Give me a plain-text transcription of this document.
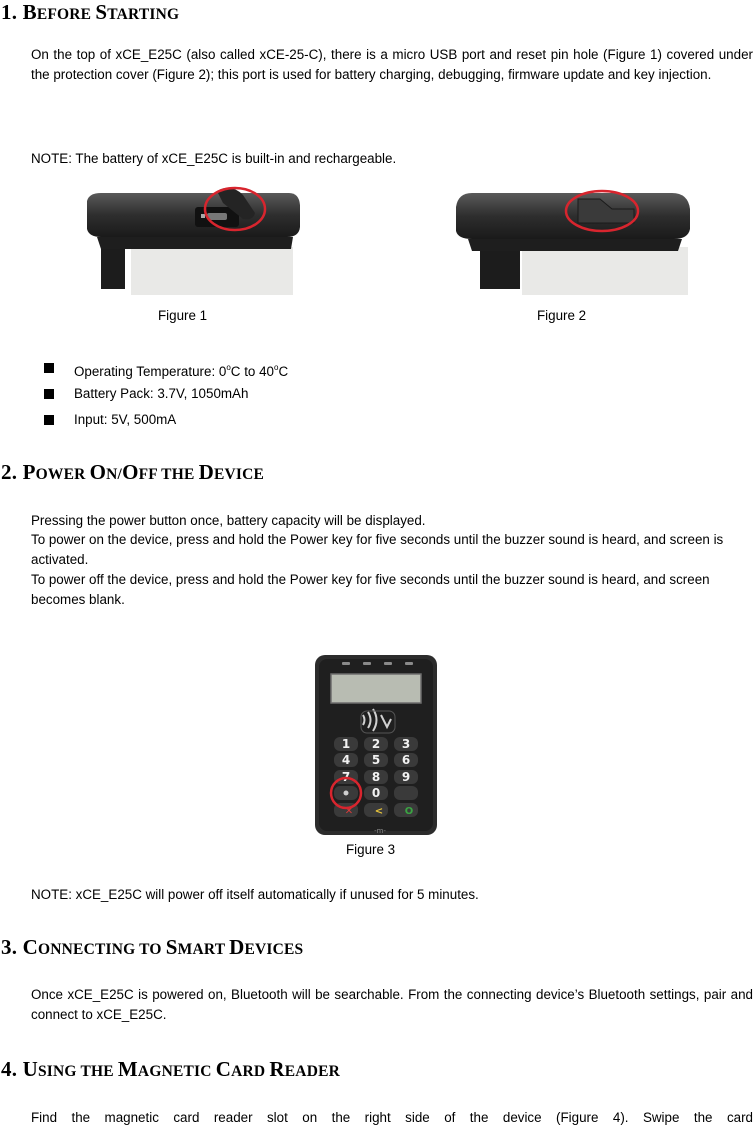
1. BEFORE STARTING

On the top of xCE_E25C (also called xCE-25-C), there is a micro USB port and reset pin hole (Figure 1) covered under the protection cover (Figure 2); this port is used for battery charging, debugging, firmware update and key injection.

NOTE: The battery of xCE_E25C is built-in and rechargeable.

Figure 1	Figure 2
Operating Temperature: 0$^o$C to 40$^o$C
Battery Pack: 3.7V, 1050mAh
Input: 5V, 500mA
2. POWER ON/OFF THE DEVICE

Pressing the power button once, battery capacity will be displayed.

To power on the device, press and hold the Power key for five seconds until the buzzer sound is heard, and screen is activated.

To power off the device, press and hold the Power key for five seconds until the buzzer sound is heard, and screen becomes blank.

1 2 3
4 5 6
7 8 9
0
✕ < O
-m-
Figure 3

NOTE: xCE_E25C will power off itself automatically if unused for 5 minutes.

3. CONNECTING TO SMART DEVICES

Once xCE_E25C is powered on, Bluetooth will be searchable. From the connecting device’s Bluetooth settings, pair and connect to xCE_E25C.

4. USING THE MAGNETIC CARD READER

Find the magnetic card reader slot on the right side of the device (Figure 4). Swipe the card
